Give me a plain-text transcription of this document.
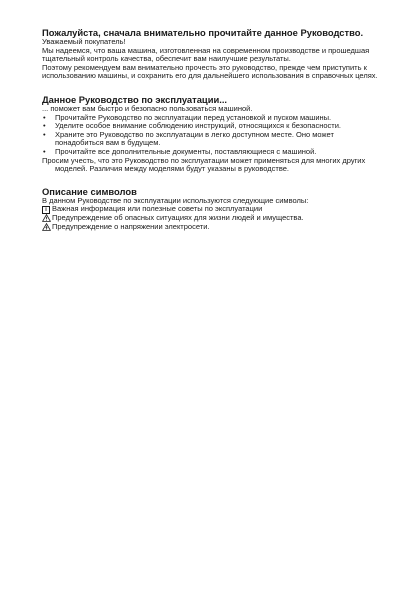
Пожалуйста, сначала внимательно прочитайте данное Руководство.

Уважаемый покупатель!

Мы надеемся, что ваша машина, изготовленная на современном производстве и прошедшая тщательный контроль качества, обеспечит вам наилучшие результаты.

Поэтому рекомендуем вам внимательно прочесть это руководство, прежде чем приступить к использованию машины, и сохранить его для дальнейшего использования в справочных целях.

Данное Руководство по эксплуатации...

... поможет вам быстро и безопасно пользоваться машиной.

• Прочитайте Руководство по эксплуатации перед установкой и пуском машины.
• Уделите особое внимание соблюдению инструкций, относящихся к безопасности.
• Храните это Руководство по эксплуатации в легко доступном месте. Оно может понадобиться вам в будущем.
• Прочитайте все дополнительные документы, поставляющиеся с машиной.

Просим учесть, что это Руководство по эксплуатации может применяться для многих других моделей. Различия между моделями будут указаны в руководстве.

Описание символов

В данном Руководстве по эксплуатации используются следующие символы:

i Важная информация или полезные советы по эксплуатации
Предупреждение об опасных ситуациях для жизни людей и имущества.
Предупреждение о напряжении электросети.
